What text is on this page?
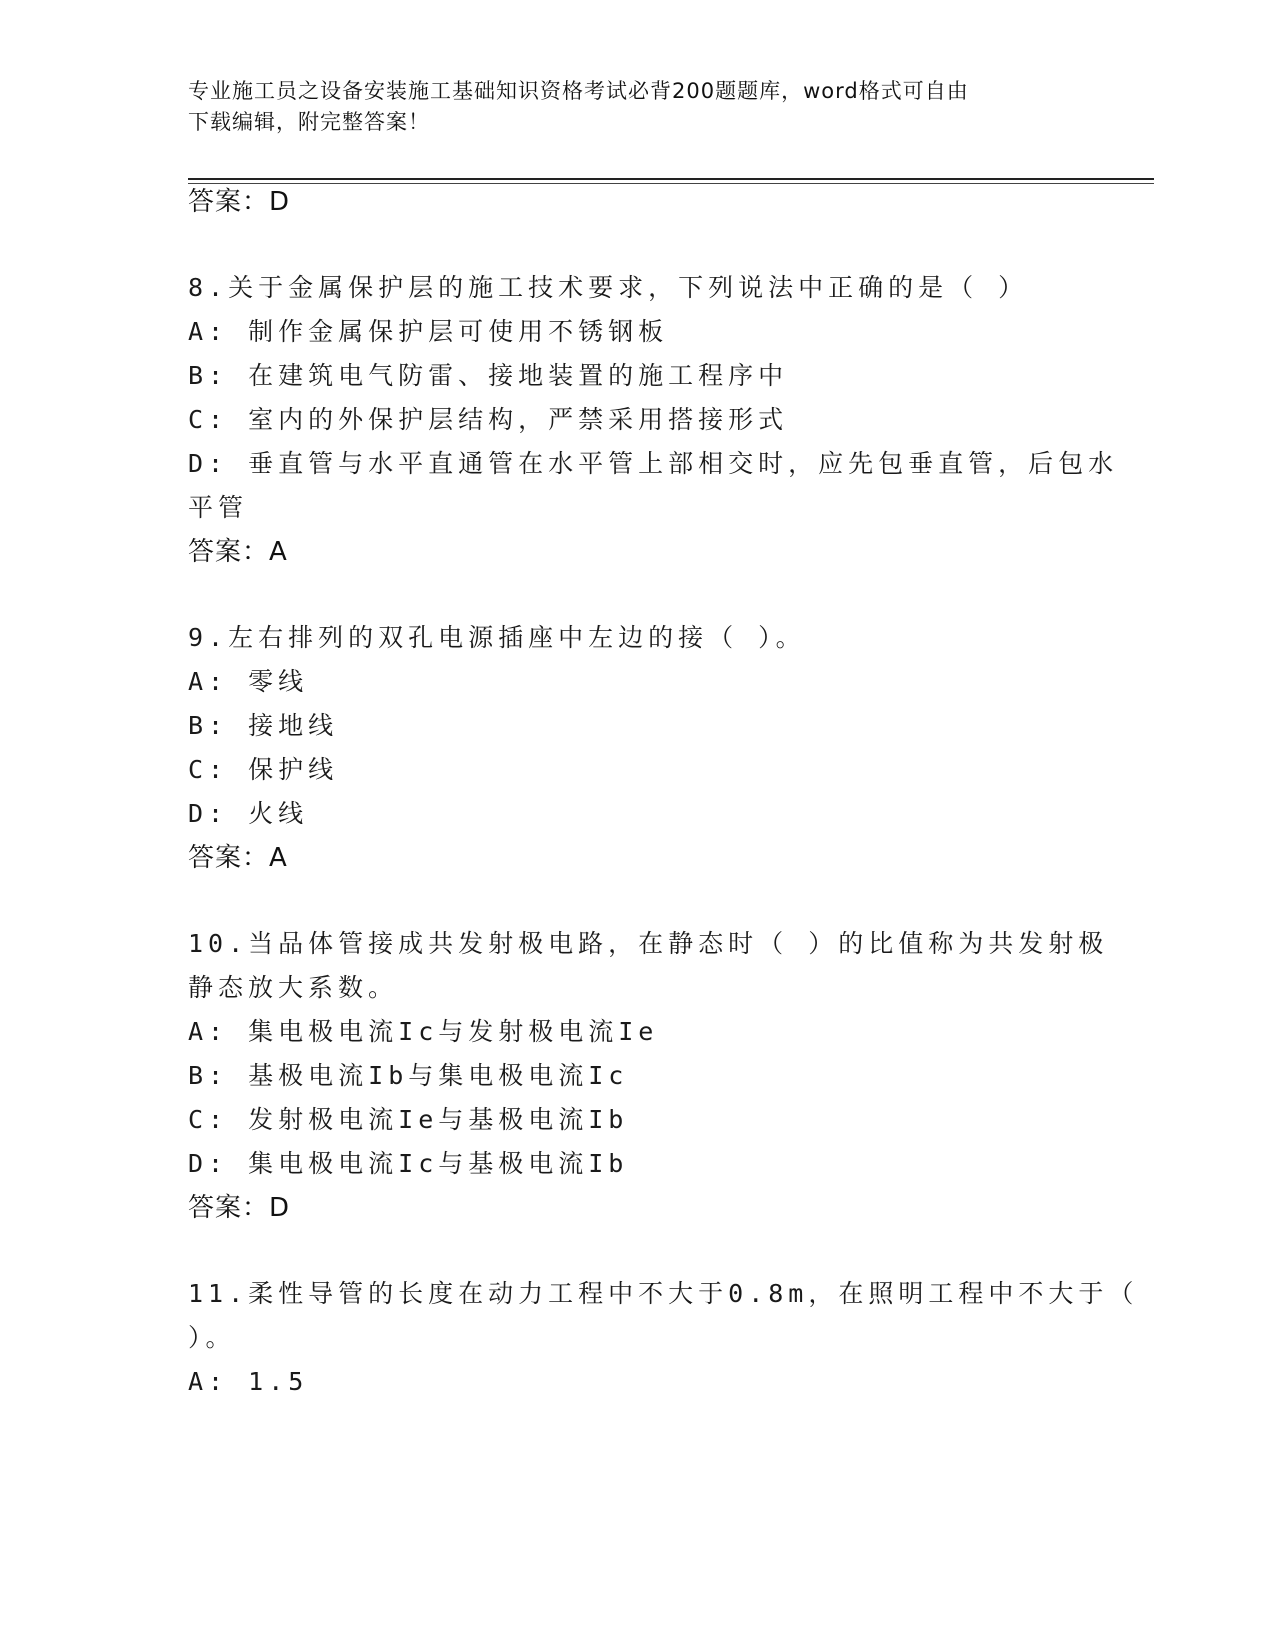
专业施工员之设备安装施工基础知识资格考试必背200题题库，word格式可自由
下载编辑，附完整答案！
答案：D
8.关于金属保护层的施工技术要求，下列说法中正确的是（ ）
A: 制作金属保护层可使用不锈钢板
B: 在建筑电气防雷、接地装置的施工程序中
C: 室内的外保护层结构，严禁采用搭接形式
D: 垂直管与水平直通管在水平管上部相交时，应先包垂直管，后包水
平管
答案：A
9.左右排列的双孔电源插座中左边的接（ ）。
A: 零线
B: 接地线
C: 保护线
D: 火线
答案：A
10.当品体管接成共发射极电路，在静态时（ ）的比值称为共发射极
静态放大系数。
A: 集电极电流Ic与发射极电流Ie
B: 基极电流Ib与集电极电流Ic
C: 发射极电流Ie与基极电流Ib
D: 集电极电流Ic与基极电流Ib
答案：D
11.柔性导管的长度在动力工程中不大于0.8m，在照明工程中不大于（
）。
A: 1.5
